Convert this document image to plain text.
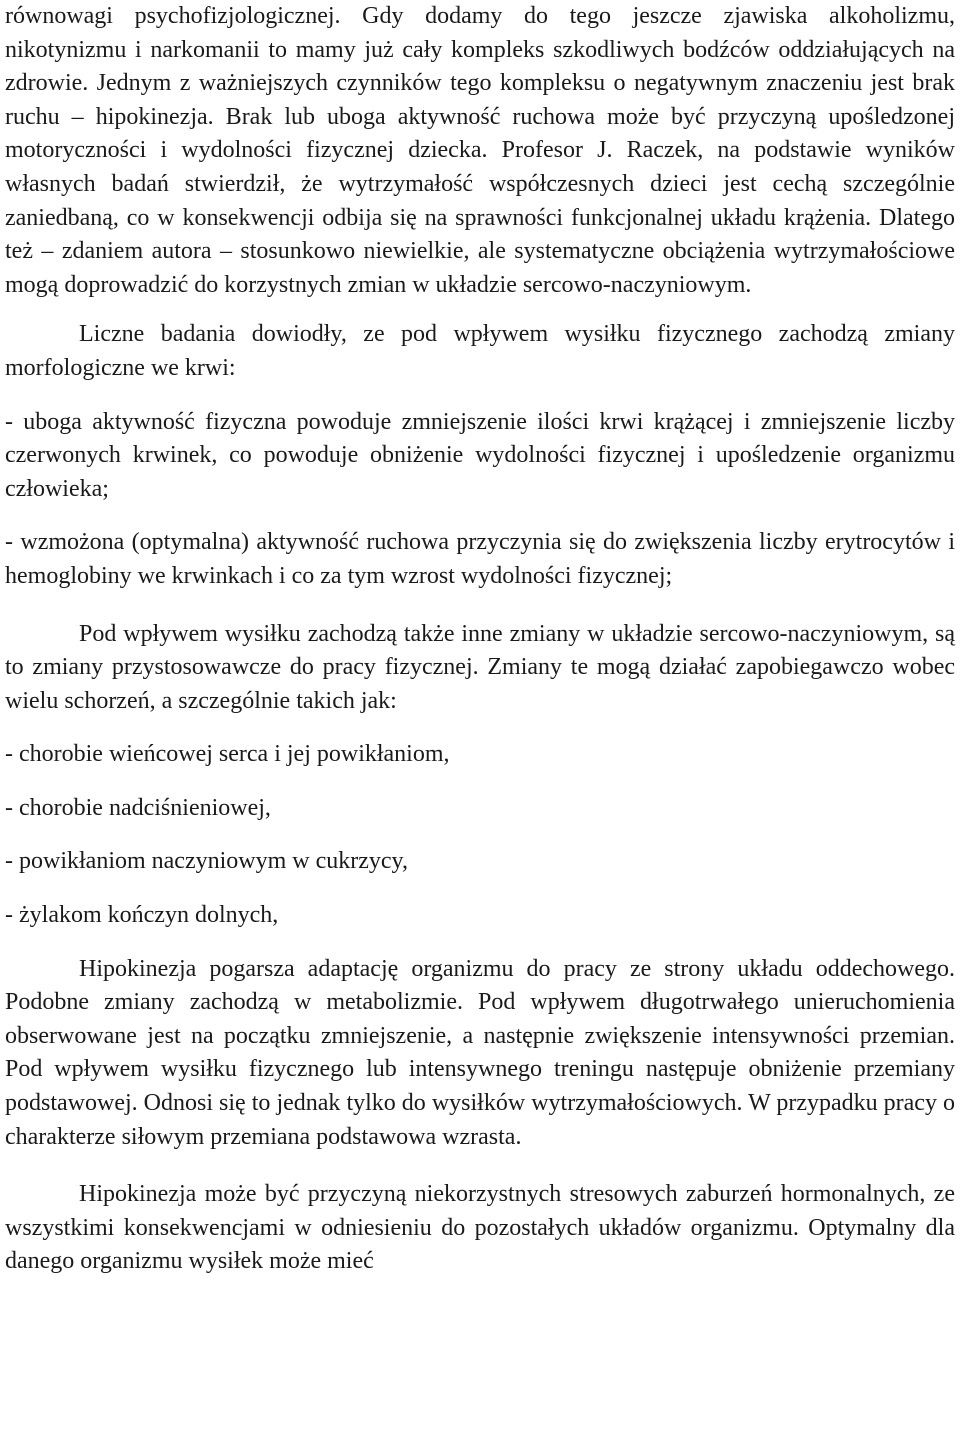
równowagi psychofizjologicznej. Gdy dodamy do tego jeszcze zjawiska alkoholizmu, nikotynizmu i narkomanii to mamy już cały kompleks szkodliwych bodźców oddziałujących na zdrowie. Jednym z ważniejszych czynników tego kompleksu o negatywnym znaczeniu jest brak ruchu – hipokinezja. Brak lub uboga aktywność ruchowa może być przyczyną upośledzonej motoryczności i wydolności fizycznej dziecka. Profesor J. Raczek, na podstawie wyników własnych badań stwierdził, że wytrzymałość współczesnych dzieci jest cechą szczególnie zaniedbaną, co w konsekwencji odbija się na sprawności funkcjonalnej układu krążenia. Dlatego też – zdaniem autora – stosunkowo niewielkie, ale systematyczne obciążenia wytrzymałościowe mogą doprowadzić do korzystnych zmian w układzie sercowo-naczyniowym.

Liczne badania dowiodły, ze pod wpływem wysiłku fizycznego zachodzą zmiany morfologiczne we krwi:

- uboga aktywność fizyczna powoduje zmniejszenie ilości krwi krążącej i zmniejszenie liczby czerwonych krwinek, co powoduje obniżenie wydolności fizycznej i upośledzenie organizmu człowieka;

- wzmożona (optymalna) aktywność ruchowa przyczynia się do zwiększenia liczby erytrocytów i hemoglobiny we krwinkach i co za tym wzrost wydolności fizycznej;

Pod wpływem wysiłku zachodzą także inne zmiany w układzie sercowo-naczyniowym, są to zmiany przystosowawcze do pracy fizycznej. Zmiany te mogą działać zapobiegawczo wobec wielu schorzeń, a szczególnie takich jak:

- chorobie wieńcowej serca i jej powikłaniom,

- chorobie nadciśnieniowej,

- powikłaniom naczyniowym w cukrzycy,

- żylakom kończyn dolnych,

Hipokinezja pogarsza adaptację organizmu do pracy ze strony układu oddechowego. Podobne zmiany zachodzą w metabolizmie. Pod wpływem długotrwałego unieruchomienia obserwowane jest na początku zmniejszenie, a następnie zwiększenie intensywności przemian. Pod wpływem wysiłku fizycznego lub intensywnego treningu następuje obniżenie przemiany podstawowej. Odnosi się to jednak tylko do wysiłków wytrzymałościowych. W przypadku pracy o charakterze siłowym przemiana podstawowa wzrasta.

Hipokinezja może być przyczyną niekorzystnych stresowych zaburzeń hormonalnych, ze wszystkimi konsekwencjami w odniesieniu do pozostałych układów organizmu. Optymalny dla danego organizmu wysiłek może mieć
